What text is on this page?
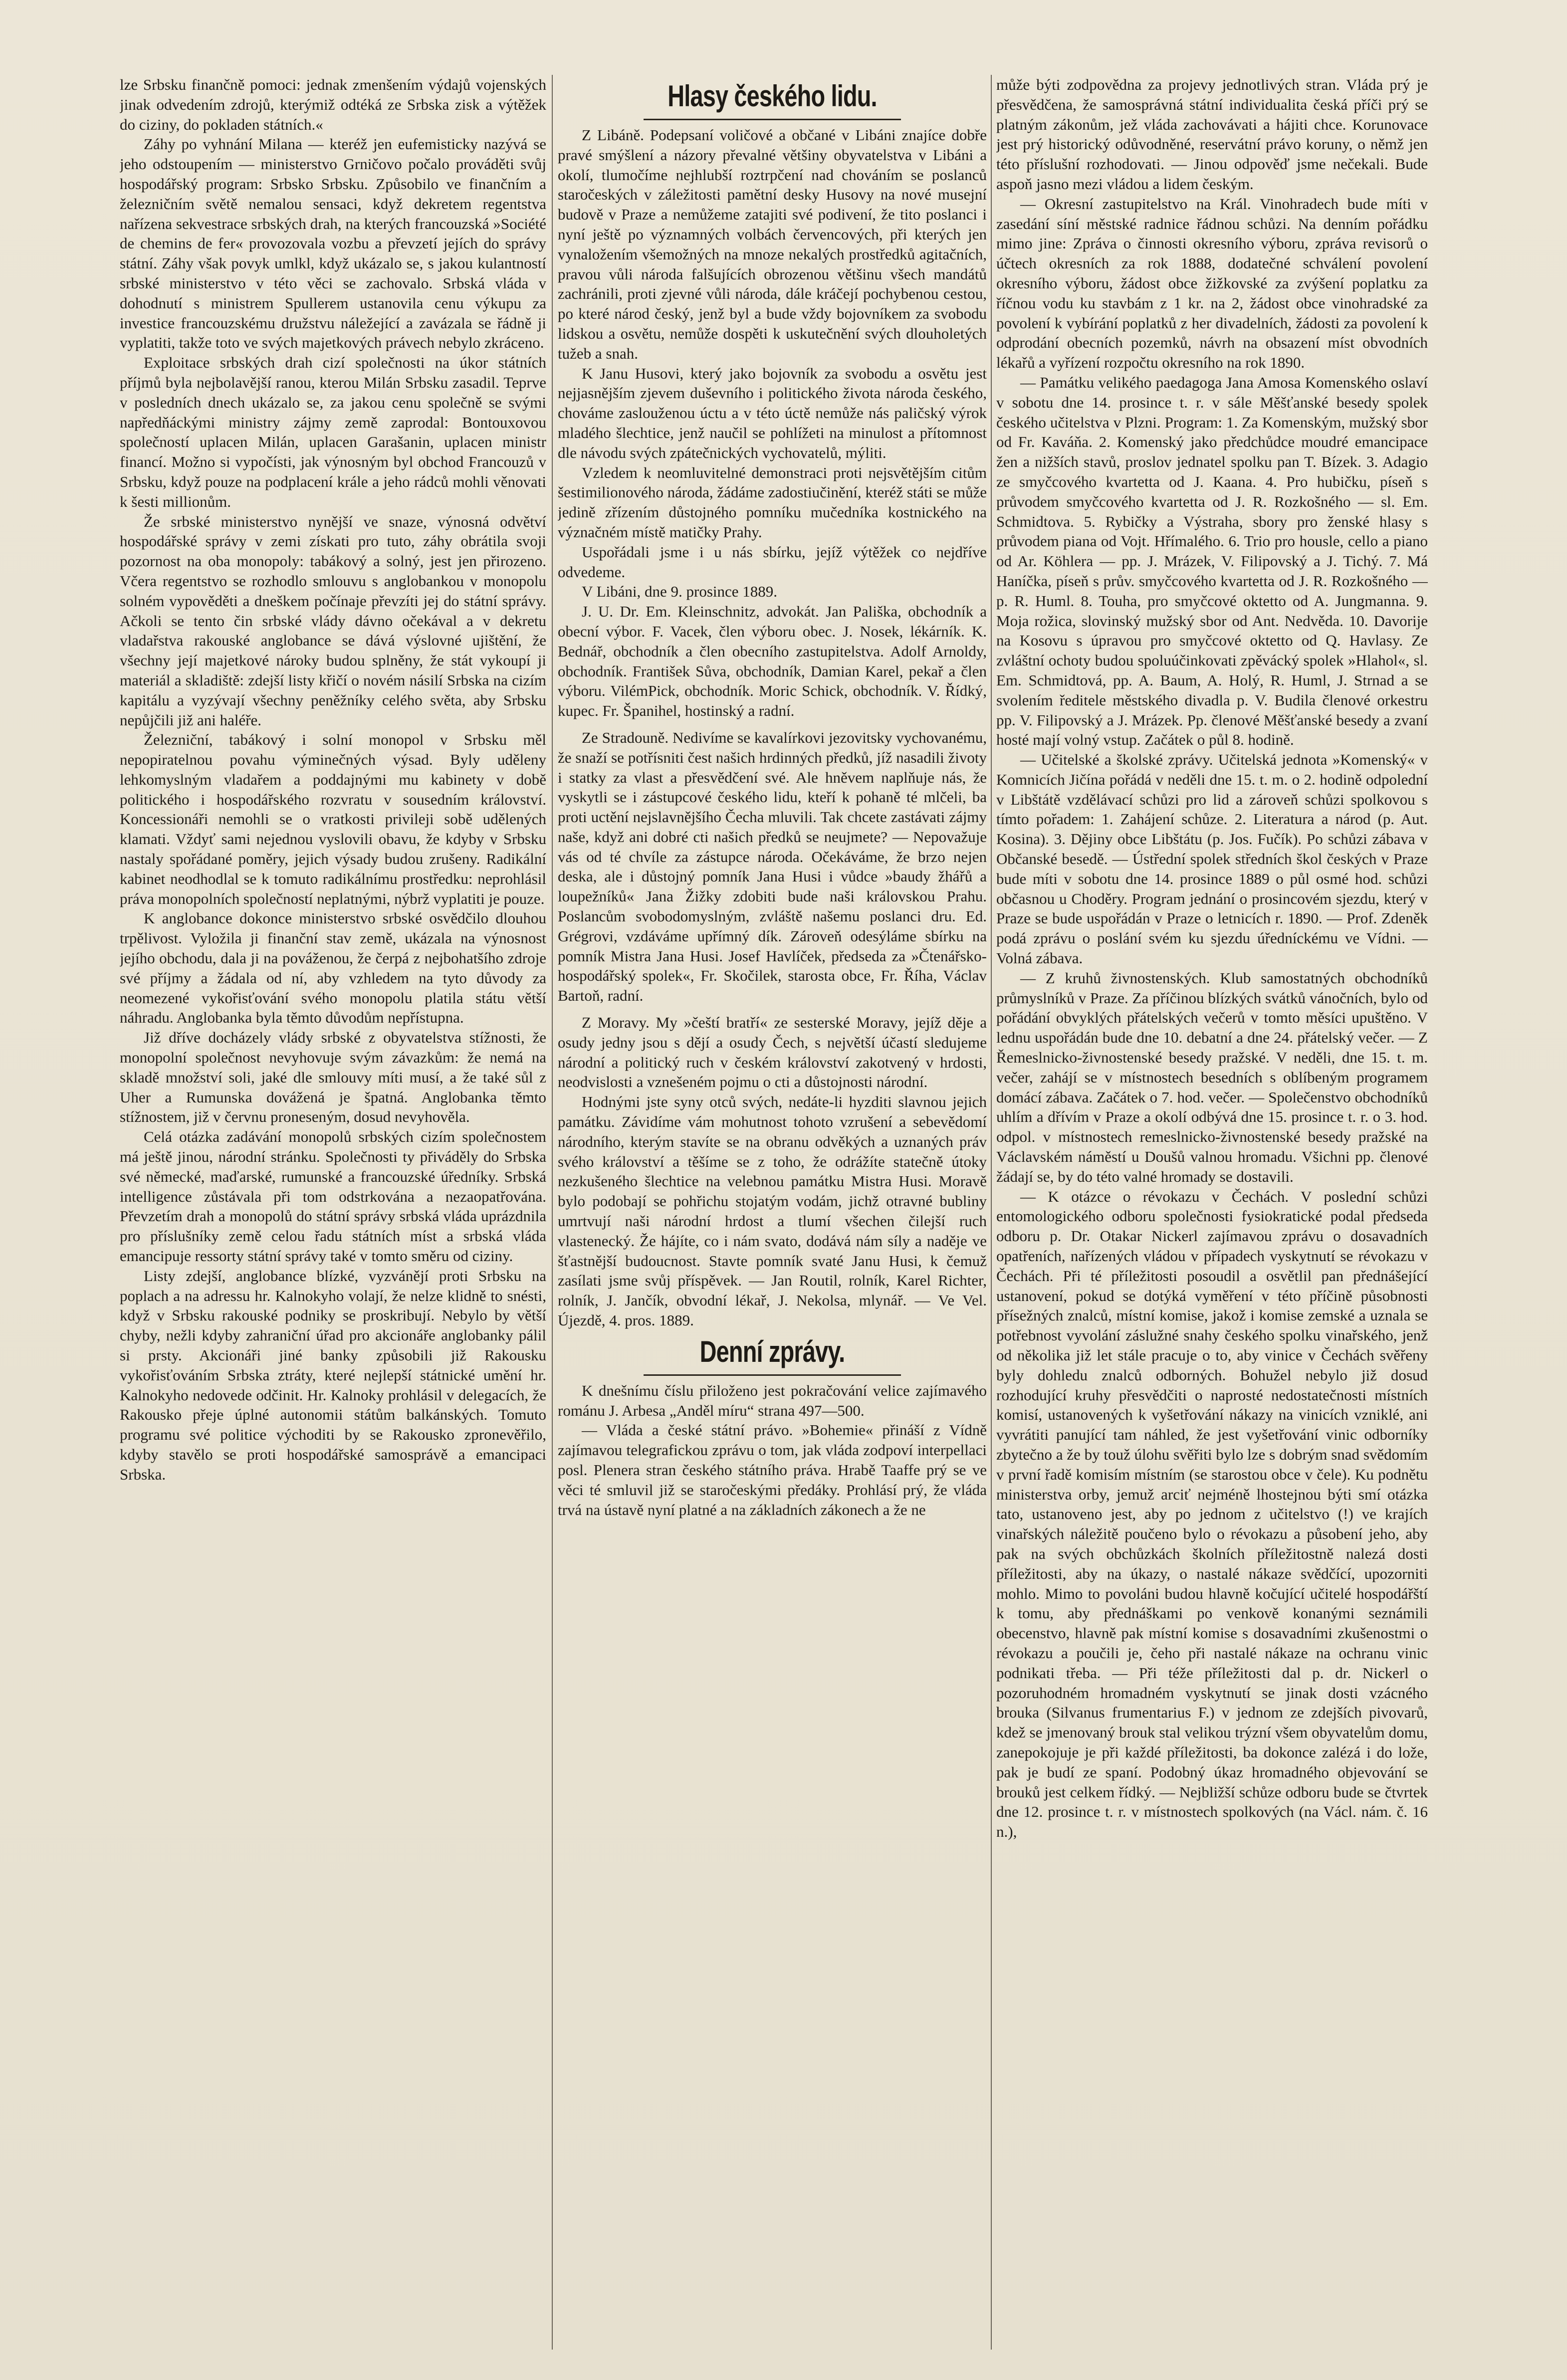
lze Srbsku finančně pomoci: jednak zmenšením výdajů vojenských jinak odvedením zdrojů, kterýmiž odtéká ze Srbska zisk a výtěžek do ciziny, do pokladen státních.«

Záhy po vyhnání Milana — kteréž jen eufemisticky nazývá se jeho odstoupením — ministerstvo Grničovo počalo prováděti svůj hospodářský program: Srbsko Srbsku. Způsobilo ve finančním a železničním světě nemalou sensaci, když dekretem regentstva nařízena sekvestrace srbských drah, na kterých francouzská »Société de chemins de fer« provozovala vozbu a převzetí jejích do správy státní. Záhy však povyk umlkl, když ukázalo se, s jakou kulantností srbské ministerstvo v této věci se zachovalo. Srbská vláda v dohodnutí s ministrem Spullerem ustanovila cenu výkupu za investice francouzskému družstvu náležející a zavázala se řádně ji vyplatiti, takže toto ve svých majetkových právech nebylo zkráceno.

Exploitace srbských drah cizí společnosti na úkor státních příjmů byla nejbolavější ranou, kterou Milán Srbsku zasadil. Teprve v posledních dnech ukázalo se, za jakou cenu společně se svými napředňáckými ministry zájmy země zaprodal: Bontouxovou společností uplacen Milán, uplacen Garašanin, uplacen ministr financí. Možno si vypočísti, jak výnosným byl obchod Francouzů v Srbsku, když pouze na podplacení krále a jeho rádců mohli věnovati k šesti millionům.

Že srbské ministerstvo nynější ve snaze, výnosná odvětví hospodářské správy v zemi získati pro tuto, záhy obrátila svoji pozornost na oba monopoly: tabákový a solný, jest jen přirozeno. Včera regentstvo se rozhodlo smlouvu s anglobankou v monopolu solném vypověděti a dneškem počínaje převzíti jej do státní správy. Ačkoli se tento čin srbské vlády dávno očekával a v dekretu vladařstva rakouské anglobance se dává výslovné ujištění, že všechny její majetkové nároky budou splněny, že stát vykoupí ji materiál a skladiště: zdejší listy křičí o novém násilí Srbska na cizím kapitálu a vyzývají všechny peněžníky celého světa, aby Srbsku nepůjčili již ani haléře.

Železniční, tabákový i solní monopol v Srbsku měl nepopiratelnou povahu výminečných výsad. Byly uděleny lehkomyslným vladařem a poddajnými mu kabinety v době politického i hospodářského rozvratu v sousedním království. Koncessionáři nemohli se o vratkosti privileji sobě udělených klamati. Vždyť sami nejednou vyslovili obavu, že kdyby v Srbsku nastaly spořádané poměry, jejich výsady budou zrušeny. Radikální kabinet neodhodlal se k tomuto radikálnímu prostředku: neprohlásil práva monopolních společností neplatnými, nýbrž vyplatiti je pouze.

K anglobance dokonce ministerstvo srbské osvědčilo dlouhou trpělivost. Vyložila ji finanční stav země, ukázala na výnosnost jejího obchodu, dala ji na pováženou, že čerpá z nejbohatšího zdroje své příjmy a žádala od ní, aby vzhledem na tyto důvody za neomezené vykořisťování svého monopolu platila státu větší náhradu. Anglobanka byla těmto důvodům nepřístupna.

Již dříve docházely vlády srbské z obyvatelstva stížnosti, že monopolní společnost nevyhovuje svým závazkům: že nemá na skladě množství soli, jaké dle smlouvy míti musí, a že také sůl z Uher a Rumunska dovážená je špatná. Anglobanka těmto stížnostem, již v červnu proneseným, dosud nevyhověla.

Celá otázka zadávání monopolů srbských cizím společnostem má ještě jinou, národní stránku. Společnosti ty přiváděly do Srbska své německé, maďarské, rumunské a francouzské úředníky. Srbská intelligence zůstávala při tom odstrkována a nezaopatřována. Převzetím drah a monopolů do státní správy srbská vláda uprázdnila pro příslušníky země celou řadu státních míst a srbská vláda emancipuje ressorty státní správy také v tomto směru od ciziny.

Listy zdejší, anglobance blízké, vyzvánějí proti Srbsku na poplach a na adressu hr. Kalnokyho volají, že nelze klidně to snésti, když v Srbsku rakouské podniky se proskribují. Nebylo by větší chyby, nežli kdyby zahraniční úřad pro akcionáře anglobanky pálil si prsty. Akcionáři jiné banky způsobili již Rakousku vykořisťováním Srbska ztráty, které nejlepší státnické umění hr. Kalnokyho nedovede odčinit. Hr. Kalnoky prohlásil v delegacích, že Rakousko přeje úplné autonomii státům balkánských. Tomuto programu své politice východiti by se Rakousko zpronevěřilo, kdyby stavělo se proti hospodářské samosprávě a emancipaci Srbska.

Hlasy českého lidu.

Z Libáně. Podepsaní voličové a občané v Libáni znajíce dobře pravé smýšlení a názory převalné většiny obyvatelstva v Libáni a okolí, tlumočíme nejhlubší roztrpčení nad chováním se poslanců staročeských v záležitosti pamětní desky Husovy na nové musejní budově v Praze a nemůžeme zatajiti své podivení, že tito poslanci i nyní ještě po významných volbách červencových, při kterých jen vynaložením všemožných na mnoze nekalých prostředků agitačních, pravou vůli národa falšujících obrozenou většinu všech mandátů zachránili, proti zjevné vůli národa, dále kráčejí pochybenou cestou, po které národ český, jenž byl a bude vždy bojovníkem za svobodu lidskou a osvětu, nemůže dospěti k uskutečnění svých dlouholetých tužeb a snah.

K Janu Husovi, který jako bojovník za svobodu a osvětu jest nejjasnějším zjevem duševního i politického života národa českého, chováme zaslouženou úctu a v této úctě nemůže nás paličský výrok mladého šlechtice, jenž naučil se pohlížeti na minulost a přítomnost dle návodu svých zpátečnických vychovatelů, mýliti.

Vzledem k neomluvitelné demonstraci proti nejsvětějším citům šestimilionového národa, žádáme zadostiučinění, kteréž státi se může jedině zřízením důstojného pomníku mučedníka kostnického na význačném místě matičky Prahy.

Uspořádali jsme i u nás sbírku, jejíž výtěžek co nejdříve odvedeme.

V Libáni, dne 9. prosince 1889.

J. U. Dr. Em. Kleinschnitz, advokát. Jan Pališka, obchodník a obecní výbor. F. Vacek, člen výboru obec. J. Nosek, lékárník. K. Bednář, obchodník a člen obecního zastupitelstva. Adolf Arnoldy, obchodník. František Sůva, obchodník, Damian Karel, pekař a člen výboru. VilémPick, obchodník. Moric Schick, obchodník. V. Řídký, kupec. Fr. Španihel, hostinský a radní.

Ze Stradouně. Nedivíme se kavalírkovi jezovitsky vychovanému, že snaží se potřísniti čest našich hrdinných předků, jíž nasadili životy i statky za vlast a přesvědčení své. Ale hněvem naplňuje nás, že vyskytli se i zástupcové českého lidu, kteří k pohaně té mlčeli, ba proti uctění nejslavnějšího Čecha mluvili. Tak chcete zastávati zájmy naše, když ani dobré cti našich předků se neujmete? — Nepovažuje vás od té chvíle za zástupce národa. Očekáváme, že brzo nejen deska, ale i důstojný pomník Jana Husi i vůdce »baudy žhářů a loupežníků« Jana Žižky zdobiti bude naši královskou Prahu. Poslancům svobodomyslným, zvláště našemu poslanci dru. Ed. Grégrovi, vzdáváme upřímný dík. Zároveň odesýláme sbírku na pomník Mistra Jana Husi. Josef Havlíček, předseda za »Čtenářsko-hospodářský spolek«, Fr. Skočilek, starosta obce, Fr. Říha, Václav Bartoň, radní.

Z Moravy. My »čeští bratří« ze sesterské Moravy, jejíž děje a osudy jedny jsou s dějí a osudy Čech, s největší účastí sledujeme národní a politický ruch v českém království zakotvený v hrdosti, neodvislosti a vznešeném pojmu o cti a důstojnosti národní.

Hodnými jste syny otců svých, nedáte-li hyzditi slavnou jejich památku. Závidíme vám mohutnost tohoto vzrušení a sebevědomí národního, kterým stavíte se na obranu odvěkých a uznaných práv svého království a těšíme se z toho, že odrážíte statečně útoky nezkušeného šlechtice na velebnou památku Mistra Husi. Moravě bylo podobají se pohřichu stojatým vodám, jichž otravné bubliny umrtvují naši národní hrdost a tlumí všechen čilejší ruch vlastenecký. Že hájíte, co i nám svato, dodává nám síly a naděje ve šťastnější budoucnost. Stavte pomník svaté Janu Husi, k čemuž zasílati jsme svůj příspěvek. — Jan Routil, rolník, Karel Richter, rolník, J. Jančík, obvodní lékař, J. Nekolsa, mlynář. — Ve Vel. Újezdě, 4. pros. 1889.

Denní zprávy.

K dnešnímu číslu přiloženo jest pokračování velice zajímavého románu J. Arbesa „Anděl míru“ strana 497—500.

— Vláda a české státní právo. »Bohemie« přináší z Vídně zajímavou telegrafickou zprávu o tom, jak vláda zodpoví interpellaci posl. Plenera stran českého státního práva. Hrabě Taaffe prý se ve věci té smluvil již se staročeskými předáky. Prohlásí prý, že vláda trvá na ústavě nyní platné a na základních zákonech a že ne

může býti zodpovědna za projevy jednotlivých stran. Vláda prý je přesvědčena, že samosprávná státní individualita česká příči prý se platným zákonům, jež vláda zachovávati a hájiti chce. Korunovace jest prý historický odůvodněné, reservátní právo koruny, o němž jen této příslušní rozhodovati. — Jinou odpověď jsme nečekali. Bude aspoň jasno mezi vládou a lidem českým.

— Okresní zastupitelstvo na Král. Vinohradech bude míti v zasedání síní městské radnice řádnou schůzi. Na denním pořádku mimo jine: Zpráva o činnosti okresního výboru, zpráva revisorů o účtech okresních za rok 1888, dodatečné schválení povolení okresního výboru, žádost obce žižkovské za zvýšení poplatku za říčnou vodu ku stavbám z 1 kr. na 2, žádost obce vinohradské za povolení k vybírání poplatků z her divadelních, žádosti za povolení k odprodání obecních pozemků, návrh na obsazení míst obvodních lékařů a vyřízení rozpočtu okresního na rok 1890.

— Památku velikého paedagoga Jana Amosa Komenského oslaví v sobotu dne 14. prosince t. r. v sále Měšťanské besedy spolek českého učitelstva v Plzni. Program: 1. Za Komenským, mužský sbor od Fr. Kaváňa. 2. Komenský jako předchůdce moudré emancipace žen a nižších stavů, proslov jednatel spolku pan T. Bízek. 3. Adagio ze smyčcového kvartetta od J. Kaana. 4. Pro hubičku, píseň s průvodem smyčcového kvartetta od J. R. Rozkošného — sl. Em. Schmidtova. 5. Rybičky a Výstraha, sbory pro ženské hlasy s průvodem piana od Vojt. Hřímalého. 6. Trio pro housle, cello a piano od Ar. Köhlera — pp. J. Mrázek, V. Filipovský a J. Tichý. 7. Má Haníčka, píseň s prův. smyčcového kvartetta od J. R. Rozkošného — p. R. Huml. 8. Touha, pro smyčcové oktetto od A. Jungmanna. 9. Moja rožica, slovinský mužský sbor od Ant. Nedvěda. 10. Davorije na Kosovu s úpravou pro smyčcové oktetto od Q. Havlasy. Ze zvláštní ochoty budou spoluúčinkovati zpěvácký spolek »Hlahol«, sl. Em. Schmidtová, pp. A. Baum, A. Holý, R. Huml, J. Strnad a se svolením ředitele městského divadla p. V. Budila členové orkestru pp. V. Filipovský a J. Mrázek. Pp. členové Měšťanské besedy a zvaní hosté mají volný vstup. Začátek o půl 8. hodině.

— Učitelské a školské zprávy. Učitelská jednota »Komenský« v Komnicích Jičína pořádá v neděli dne 15. t. m. o 2. hodině odpolední v Libštátě vzdělávací schůzi pro lid a zároveň schůzi spolkovou s tímto pořadem: 1. Zahájení schůze. 2. Literatura a národ (p. Aut. Kosina). 3. Dějiny obce Libštátu (p. Jos. Fučík). Po schůzi zábava v Občanské besedě. — Ústřední spolek středních škol českých v Praze bude míti v sobotu dne 14. prosince 1889 o půl osmé hod. schůzi občasnou u Choděry. Program jednání o prosincovém sjezdu, který v Praze se bude uspořádán v Praze o letnicích r. 1890. — Prof. Zdeněk podá zprávu o poslání svém ku sjezdu úředníckému ve Vídni. — Volná zábava.

— Z kruhů živnostenských. Klub samostatných obchodníků průmyslníků v Praze. Za příčinou blízkých svátků vánočních, bylo od pořádání obvyklých přátelských večerů v tomto měsíci upuštěno. V lednu uspořádán bude dne 10. debatní a dne 24. přátelský večer. — Z Řemeslnicko-živnostenské besedy pražské. V neděli, dne 15. t. m. večer, zahájí se v místnostech besedních s oblíbeným programem domácí zábava. Začátek o 7. hod. večer. — Společenstvo obchodníků uhlím a dřívím v Praze a okolí odbývá dne 15. prosince t. r. o 3. hod. odpol. v místnostech remeslnicko-živnostenské besedy pražské na Václavském náměstí u Doušů valnou hromadu. Všichni pp. členové žádají se, by do této valné hromady se dostavili.

— K otázce o révokazu v Čechách. V poslední schůzi entomologického odboru společnosti fysiokratické podal předseda odboru p. Dr. Otakar Nickerl zajímavou zprávu o dosavadních opatřeních, nařízených vládou v případech vyskytnutí se révokazu v Čechách. Při té příležitosti posoudil a osvětlil pan přednášející ustanovení, pokud se dotýká vyměření v této příčině působnosti přísežných znalců, místní komise, jakož i komise zemské a uznala se potřebnost vyvolání záslužné snahy českého spolku vinařského, jenž od několika již let stále pracuje o to, aby vinice v Čechách svěřeny byly dohledu znalců odborných. Bohužel nebylo již dosud rozhodující kruhy přesvědčiti o naprosté nedostatečnosti místních komisí, ustanovených k vyšetřování nákazy na vinicích vzniklé, ani vyvrátiti panující tam náhled, že jest vyšetřování vinic odborníky zbytečno a že by touž úlohu svěřiti bylo lze s dobrým snad svědomím v první řadě komisím místním (se starostou obce v čele). Ku podnětu ministerstva orby, jemuž arciť nejméně lhostejnou býti smí otázka tato, ustanoveno jest, aby po jednom z učitelstvo (!) ve krajích vinařských náležitě poučeno bylo o révokazu a působení jeho, aby pak na svých obchůzkách školních příležitostně nalezá dosti příležitosti, aby na úkazy, o nastalé nákaze svědčící, upozorniti mohlo. Mimo to povoláni budou hlavně kočující učitelé hospodářští k tomu, aby přednáškami po venkově konanými seznámili obecenstvo, hlavně pak místní komise s dosavadními zkušenostmi o révokazu a poučili je, čeho při nastalé nákaze na ochranu vinic podnikati třeba. — Při téže příležitosti dal p. dr. Nickerl o pozoruhodném hromadném vyskytnutí se jinak dosti vzácného brouka (Silvanus frumentarius F.) v jednom ze zdejších pivovarů, kdež se jmenovaný brouk stal velikou trýzní všem obyvatelům domu, zanepokojuje je při každé příležitosti, ba dokonce zalézá i do lože, pak je budí ze spaní. Podobný úkaz hromadného objevování se brouků jest celkem řídký. — Nejbližší schůze odboru bude se čtvrtek dne 12. prosince t. r. v místnostech spolkových (na Václ. nám. č. 16 n.),
